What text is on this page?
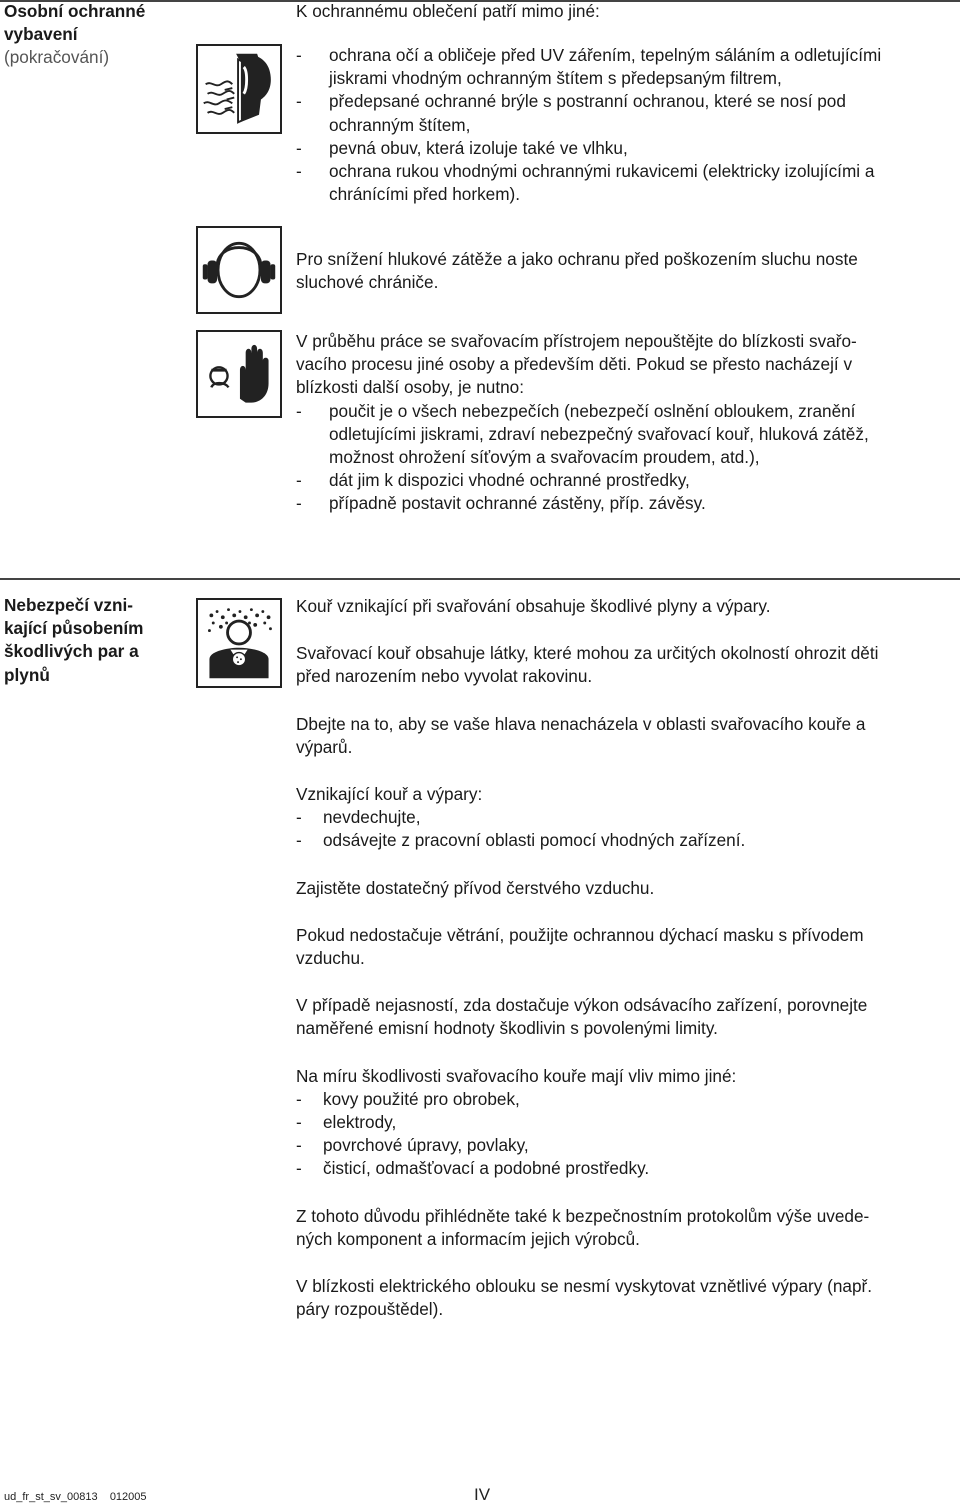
Osobní ochranné
vybavení
(pokračování)

K ochrannému oblečení patří mimo jiné:

-	ochrana očí a obličeje před UV zářením, tepelným sáláním a odletujícími
jiskrami vhodným ochranným štítem s předepsaným filtrem,
-	předepsané ochranné brýle s postranní ochranou, které se nosí pod
ochranným štítem,
-	pevná obuv, která izoluje také ve vlhku,
-	ochrana rukou vhodnými ochrannými rukavicemi (elektricky izolujícími a
chránícími před horkem).

Pro snížení hlukové zátěže a jako ochranu před poškozením sluchu noste
sluchové chrániče.

V průběhu práce se svařovacím přístrojem nepouštějte do blízkosti svařo-
vacího procesu jiné osoby a především děti. Pokud se přesto nacházejí v
blízkosti další osoby, je nutno:

-	poučit je o všech nebezpečích (nebezpečí oslnění obloukem, zranění
odletujícími jiskrami, zdraví nebezpečný svařovací kouř, hluková zátěž,
možnost ohrožení síťovým a svařovacím proudem, atd.),
-	dát jim k dispozici vhodné ochranné prostředky,
-	případně postavit ochranné zástěny, příp. závěsy.
Nebezpečí vzni-
kající působením
škodlivých par a
plynů

Kouř vznikající při svařování obsahuje škodlivé plyny a výpary.

Svařovací kouř obsahuje látky, které mohou za určitých okolností ohrozit děti
před narozením nebo vyvolat rakovinu.

Dbejte na to, aby se vaše hlava nenacházela v oblasti svařovacího kouře a
výparů.

Vznikající kouř a výpary:

-	nevdechujte,
-	odsávejte z pracovní oblasti pomocí vhodných zařízení.

Zajistěte dostatečný přívod čerstvého vzduchu.

Pokud nedostačuje větrání, použijte ochrannou dýchací masku s přívodem
vzduchu.

V případě nejasností, zda dostačuje výkon odsávacího zařízení, porovnejte
naměřené emisní hodnoty škodlivin s povolenými limity.

Na míru škodlivosti svařovacího kouře mají vliv mimo jiné:

-	kovy použité pro obrobek,
-	elektrody,
-	povrchové úpravy, povlaky,
-	čisticí, odmašťovací a podobné prostředky.

Z tohoto důvodu přihlédněte také k bezpečnostním protokolům výše uvede-
ných komponent a informacím jejich výrobců.

V blízkosti elektrického oblouku se nesmí vyskytovat vznětlivé výpary (např.
páry rozpouštědel).

ud_fr_st_sv_00813 012005	IV
